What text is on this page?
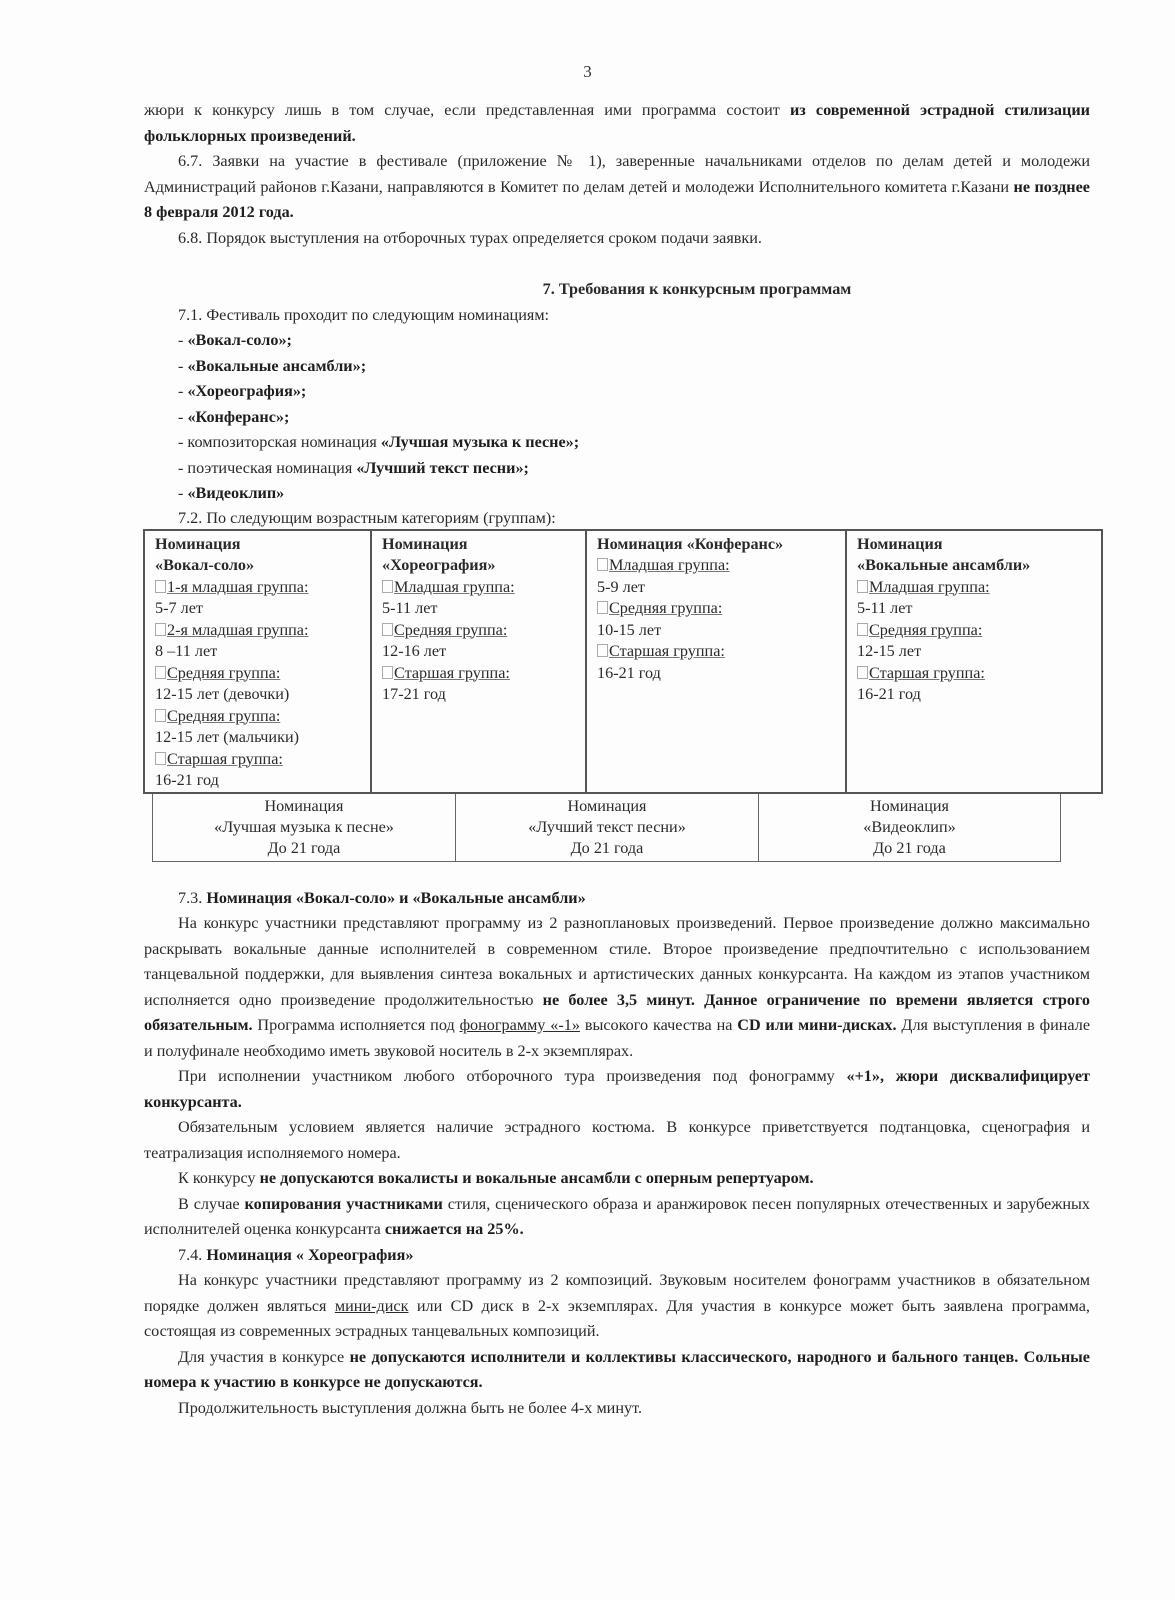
3

жюри к конкурсу лишь в том случае, если представленная ими программа состоит из современной эстрадной стилизации фольклорных произведений.

6.7. Заявки на участие в фестивале (приложение № 1), заверенные начальниками отделов по делам детей и молодежи Администраций районов г.Казани, направляются в Комитет по делам детей и молодежи Исполнительного комитета г.Казани не позднее 8 февраля 2012 года.

6.8. Порядок выступления на отборочных турах определяется сроком подачи заявки.

7. Требования к конкурсным программам

7.1. Фестиваль проходит по следующим номинациям:

- «Вокал-соло»;

- «Вокальные ансамбли»;

- «Хореография»;

- «Конферанс»;

- композиторская номинация «Лучшая музыка к песне»;

- поэтическая номинация «Лучший текст песни»;

- «Видеоклип»

7.2. По следующим возрастным категориям (группам):

Номинация
«Вокал-соло»
1-я младшая группа:
5-7 лет
2-я младшая группа:
8 –11 лет
Средняя группа:
12-15 лет (девочки)
Средняя группа:
12-15 лет (мальчики)
Старшая группа:
16-21 год

Номинация
«Хореография»
Младшая группа:
5-11 лет
Средняя группа:
12-16 лет
Старшая группа:
17-21 год

Номинация «Конферанс»
Младшая группа:
5-9 лет
Средняя группа:
10-15 лет
Старшая группа:
16-21 год

Номинация
«Вокальные ансамбли»
Младшая группа:
5-11 лет
Средняя группа:
12-15 лет
Старшая группа:
16-21 год
Номинация
«Лучшая музыка к песне»
До 21 года

Номинация
«Лучший текст песни»
До 21 года

Номинация
«Видеоклип»
До 21 года

7.3. Номинация «Вокал-соло» и «Вокальные ансамбли»

На конкурс участники представляют программу из 2 разноплановых произведений. Первое произведение должно максимально раскрывать вокальные данные исполнителей в современном стиле. Второе произведение предпочтительно с использованием танцевальной поддержки, для выявления синтеза вокальных и артистических данных конкурсанта. На каждом из этапов участником исполняется одно произведение продолжительностью не более 3,5 минут. Данное ограничение по времени является строго обязательным. Программа исполняется под фонограмму «-1» высокого качества на CD или мини-дисках. Для выступления в финале и полуфинале необходимо иметь звуковой носитель в 2-х экземплярах.

При исполнении участником любого отборочного тура произведения под фонограмму «+1», жюри дисквалифицирует конкурсанта.

Обязательным условием является наличие эстрадного костюма. В конкурсе приветствуется подтанцовка, сценография и театрализация исполняемого номера.

К конкурсу не допускаются вокалисты и вокальные ансамбли с оперным репертуаром.

В случае копирования участниками стиля, сценического образа и аранжировок песен популярных отечественных и зарубежных исполнителей оценка конкурсанта снижается на 25%.

7.4. Номинация « Хореография»

На конкурс участники представляют программу из 2 композиций. Звуковым носителем фонограмм участников в обязательном порядке должен являться мини-диск или CD диск в 2-х экземплярах. Для участия в конкурсе может быть заявлена программа, состоящая из современных эстрадных танцевальных композиций.

Для участия в конкурсе не допускаются исполнители и коллективы классического, народного и бального танцев. Сольные номера к участию в конкурсе не допускаются.

Продолжительность выступления должна быть не более 4-х минут.
